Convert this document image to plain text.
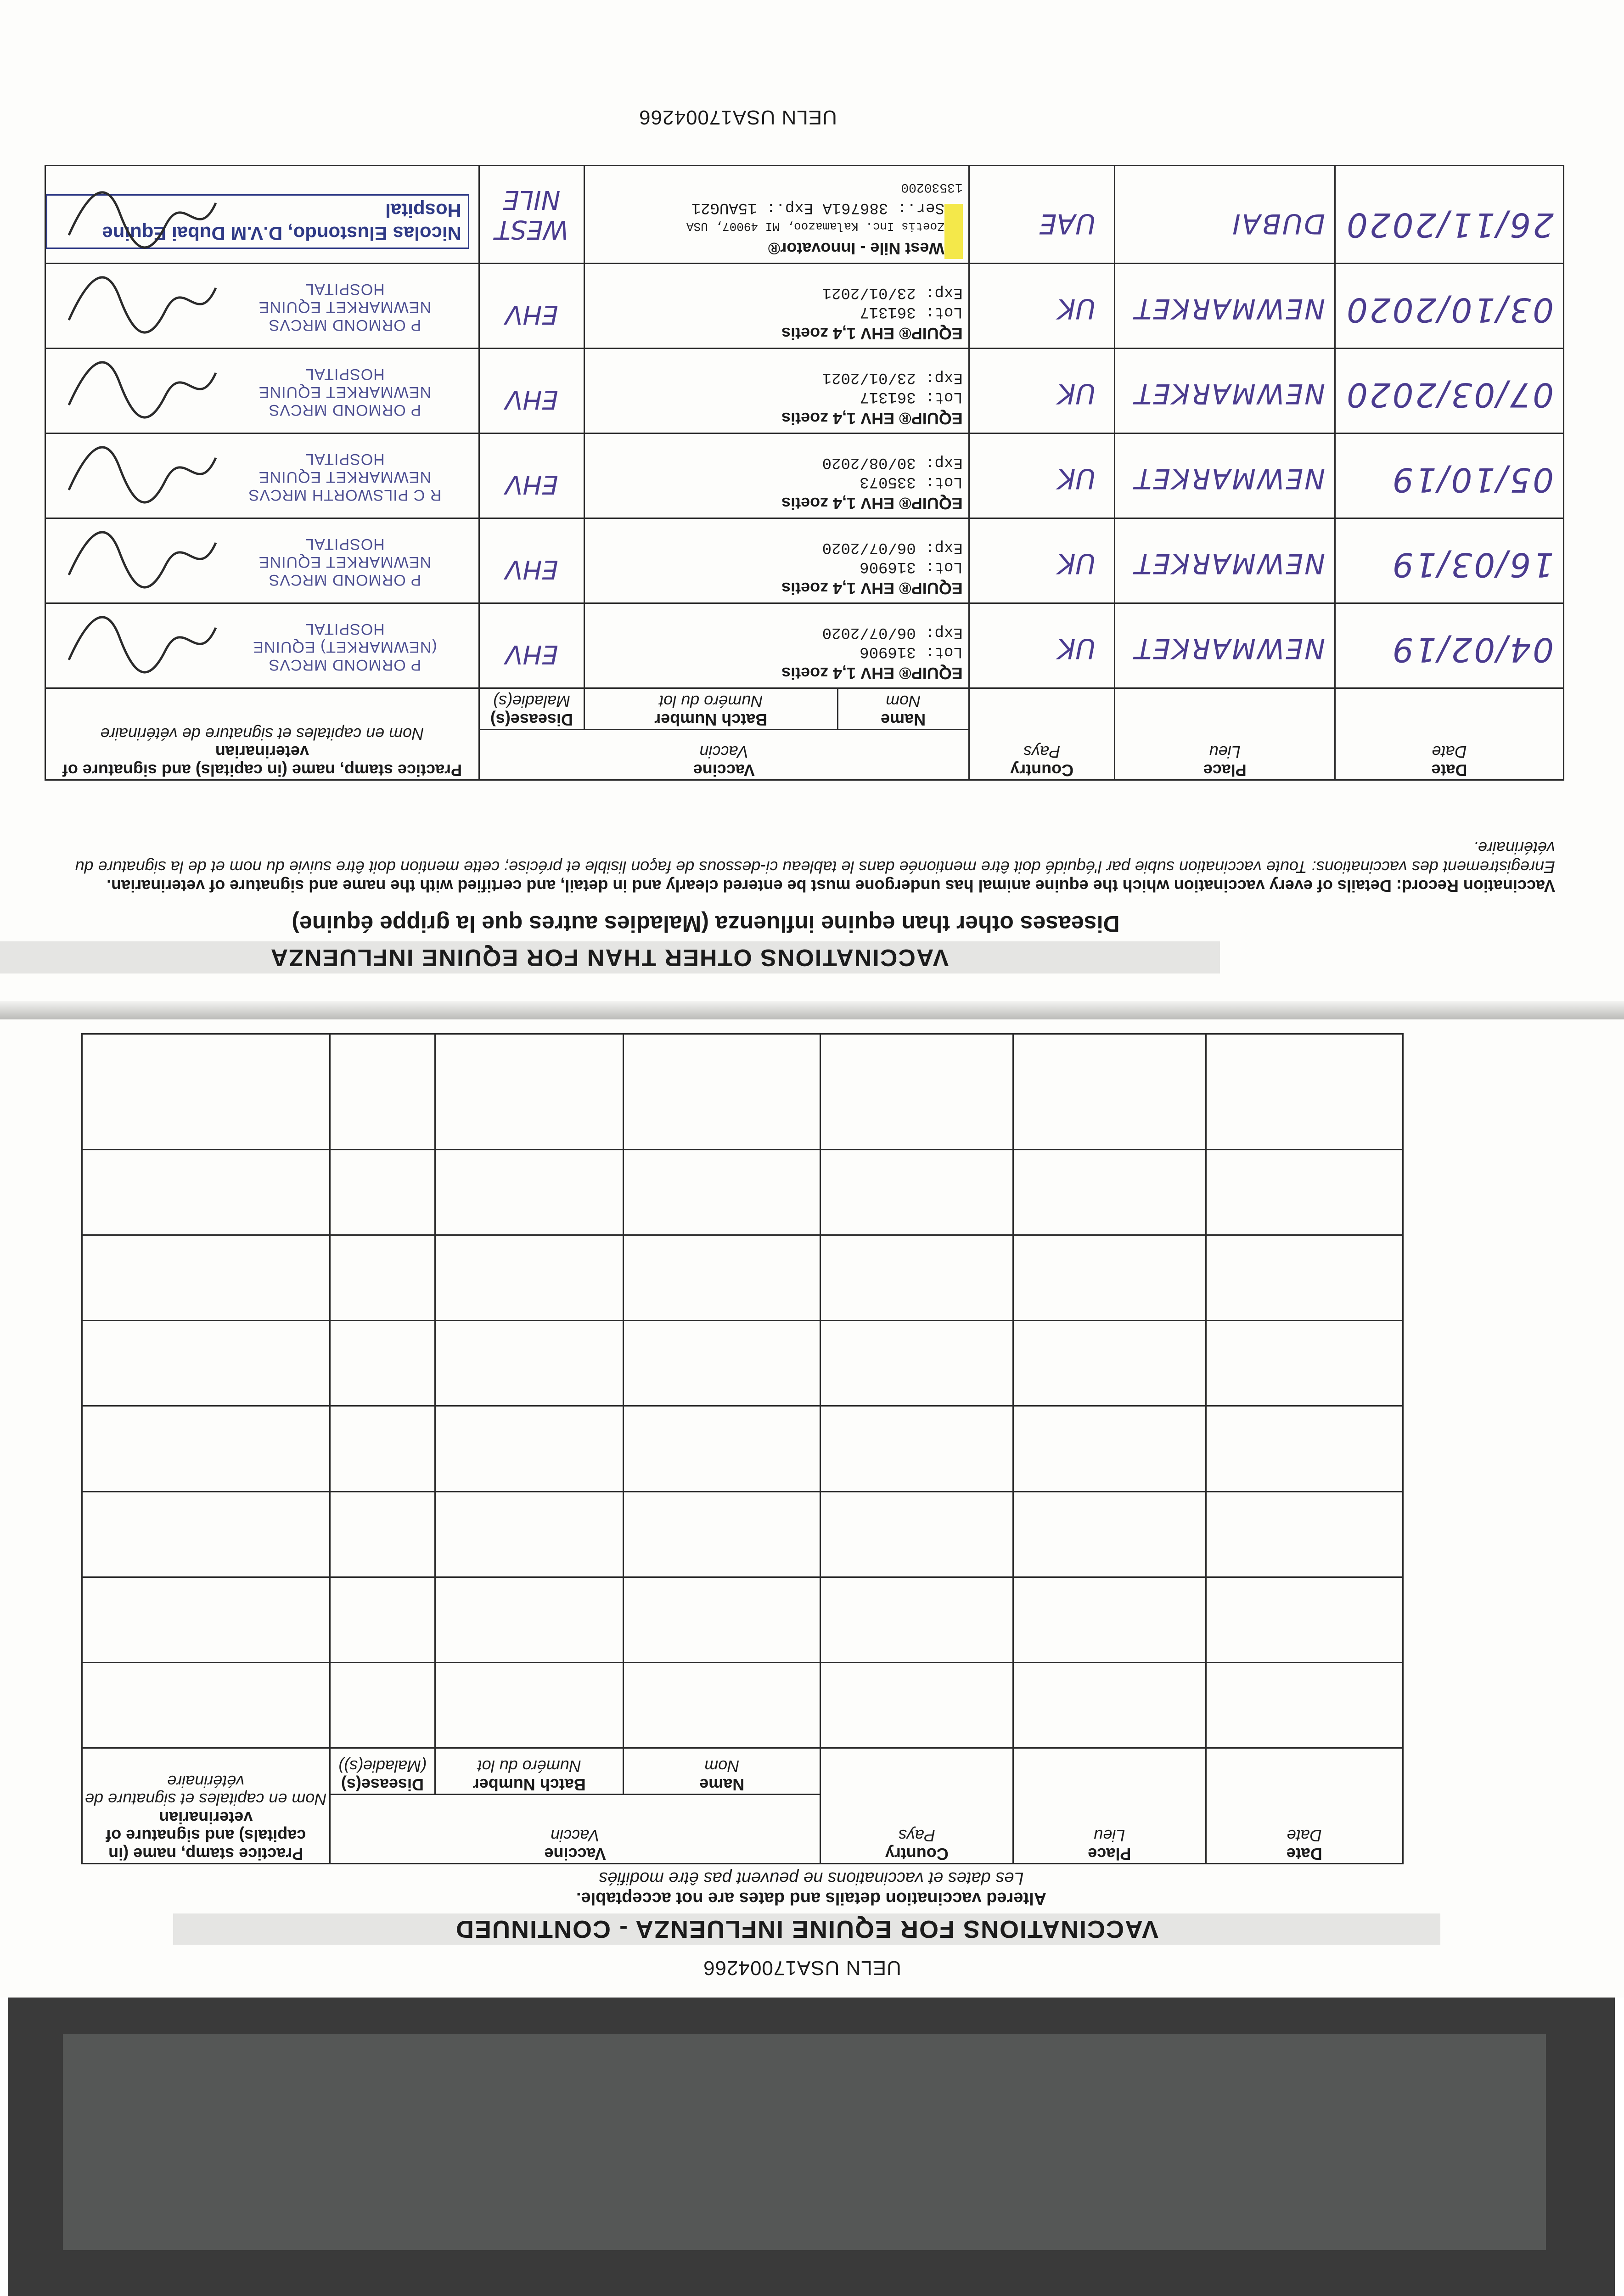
UELN USA17004266
VACCINATIONS FOR EQUINE INFLUENZA - CONTINUED
Altered vaccination details and dates are not acceptable.
Les dates et vaccinations ne peuvent pas être modifiés
Date
Date	Place
Lieu	Country
Pays	Vaccine
Vaccin			Practice stamp, name (in capitals) and signature of veterinarian
Nom en capitales et signature de vétérinaire

			Name
Nom	Batch Number
Numéro du lot	Disease(s)
(Maladie(s))	

VACCINATIONS OTHER THAN FOR EQUINE INFLUENZA
Diseases other than equine influenza (Maladies autres que la grippe équine)
Vaccination Record: Details of every vaccination which the equine animal has undergone must be entered clearly and in detail, and certified with the name and signature of veterinarian.
Enregistrement des vaccinations: Toute vaccination subie par l'équidé doit être mentionée dans le tableau ci-dessous de façon lisible et précise; cette mention doit être suivie du nom et de la signature du vétérinaire.
Date
Date	Place
Lieu	Country
Pays	Vaccine
Vaccin			Practice stamp, name (in capitals) and signature of veterinarian
Nom en capitales et signature de vétérinaire

			Name
Nom	Batch Number
Numéro du lot	Disease(s)
Maladie(s)	

04/02/19	NEWMARKET	UK	EQUIP® EHV 1,4 zoetis
Lot: 316906
Exp: 06/07/2020		EHV	P ORMOND MRCVS (NEWMARKET) EQUINE HOSPITAL

16/03/19	NEWMARKET	UK	EQUIP® EHV 1,4 zoetis
Lot: 316906
Exp: 06/07/2020		EHV	P ORMOND MRCVS NEWMARKET EQUINE HOSPITAL

05/10/19	NEWMARKET	UK	EQUIP® EHV 1,4 zoetis
Lot: 335073
Exp: 30/08/2020		EHV	R C PILSWORTH MRCVS NEWMARKET EQUINE HOSPITAL

07/03/2020	NEWMARKET	UK	EQUIP® EHV 1,4 zoetis
Lot: 361317
Exp: 23/01/2021		EHV	P ORMOND MRCVS NEWMARKET EQUINE HOSPITAL

03/10/2020	NEWMARKET	UK	EQUIP® EHV 1,4 zoetis
Lot: 361317
Exp: 23/01/2021		EHV	P ORMOND MRCVS NEWMARKET EQUINE HOSPITAL

26/11/2020	DUBAI	UAE	West Nile - Innovator®
Zoetis Inc. Kalamazoo, MI 49007, USA
Ser.: 386761A Exp.: 15AUG21
13530200		WEST NILE	Nicolas Elustondo, D.V.M Dubai Equine Hospital
UELN USA17004266
